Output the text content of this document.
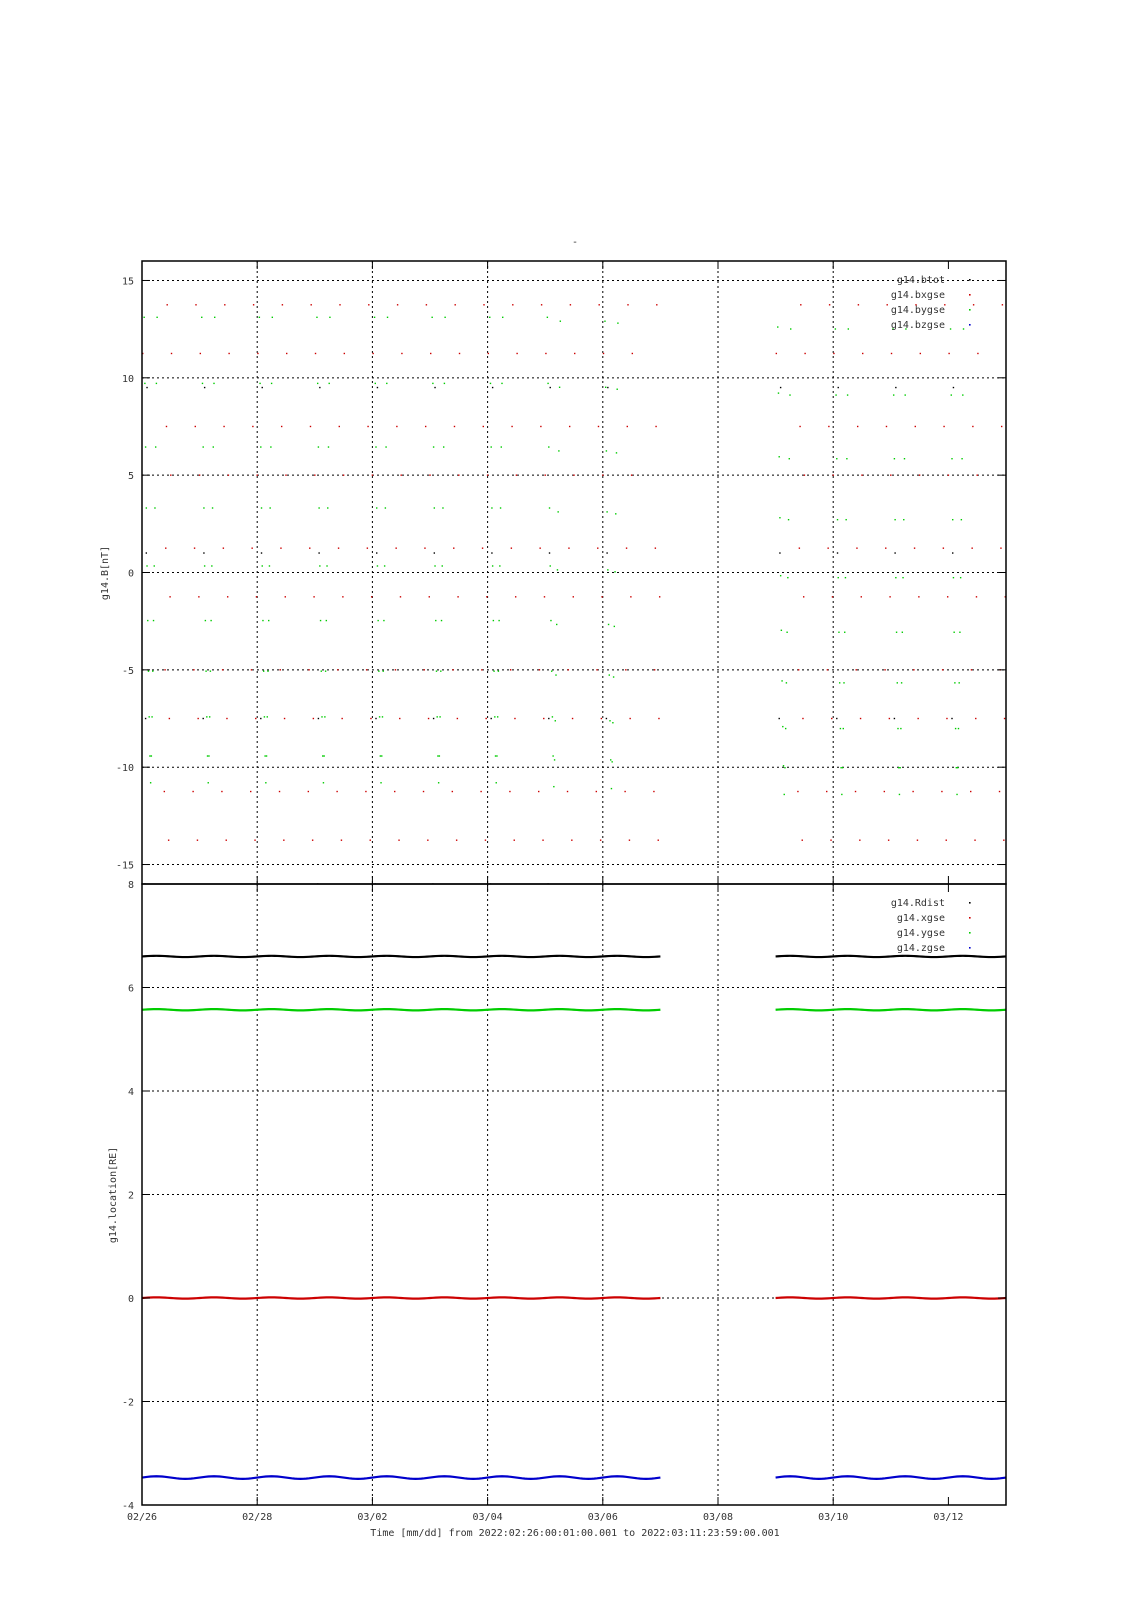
-
15
10
5
0
-5
-10
-15
g14.B[nT]
g14.btot
g14.bxgse
g14.bygse
g14.bzgse
8
6
4
2
0
-2
-4
g14.location[RE]
g14.Rdist
g14.xgse
g14.ygse
g14.zgse
02/26	02/28	03/02	03/04	03/06	03/08	03/10	03/12
Time [mm/dd] from 2022:02:26:00:01:00.001 to 2022:03:11:23:59:00.001
